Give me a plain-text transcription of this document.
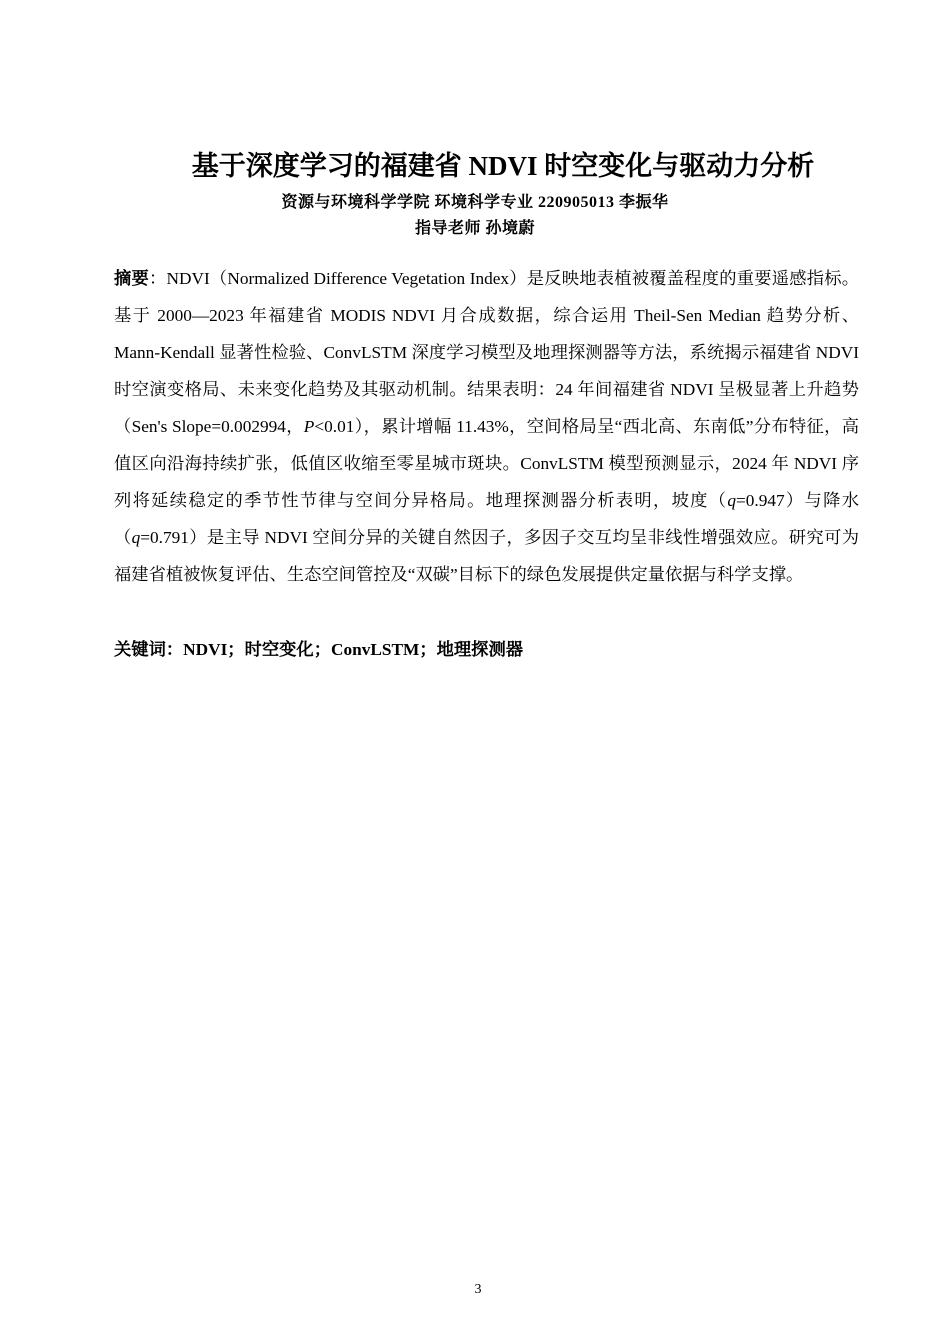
基于深度学习的福建省 NDVI 时空变化与驱动力分析
资源与环境科学学院 环境科学专业 220905013 李振华
指导老师 孙境蔚
摘要：NDVI（Normalized Difference Vegetation Index）是反映地表植被覆盖程度的重要遥感指标。基于 2000—2023 年福建省 MODIS NDVI 月合成数据，综合运用 Theil-Sen Median 趋势分析、Mann-Kendall 显著性检验、ConvLSTM 深度学习模型及地理探测器等方法，系统揭示福建省 NDVI 时空演变格局、未来变化趋势及其驱动机制。结果表明：24 年间福建省 NDVI 呈极显著上升趋势（Sen's Slope=0.002994，P<0.01），累计增幅 11.43%，空间格局呈“西北高、东南低”分布特征，高值区向沿海持续扩张，低值区收缩至零星城市斑块。ConvLSTM 模型预测显示，2024 年 NDVI 序列将延续稳定的季节性节律与空间分异格局。地理探测器分析表明，坡度（q=0.947）与降水（q=0.791）是主导 NDVI 空间分异的关键自然因子，多因子交互均呈非线性增强效应。研究可为福建省植被恢复评估、生态空间管控及“双碳”目标下的绿色发展提供定量依据与科学支撑。
关键词：NDVI；时空变化；ConvLSTM；地理探测器
3
